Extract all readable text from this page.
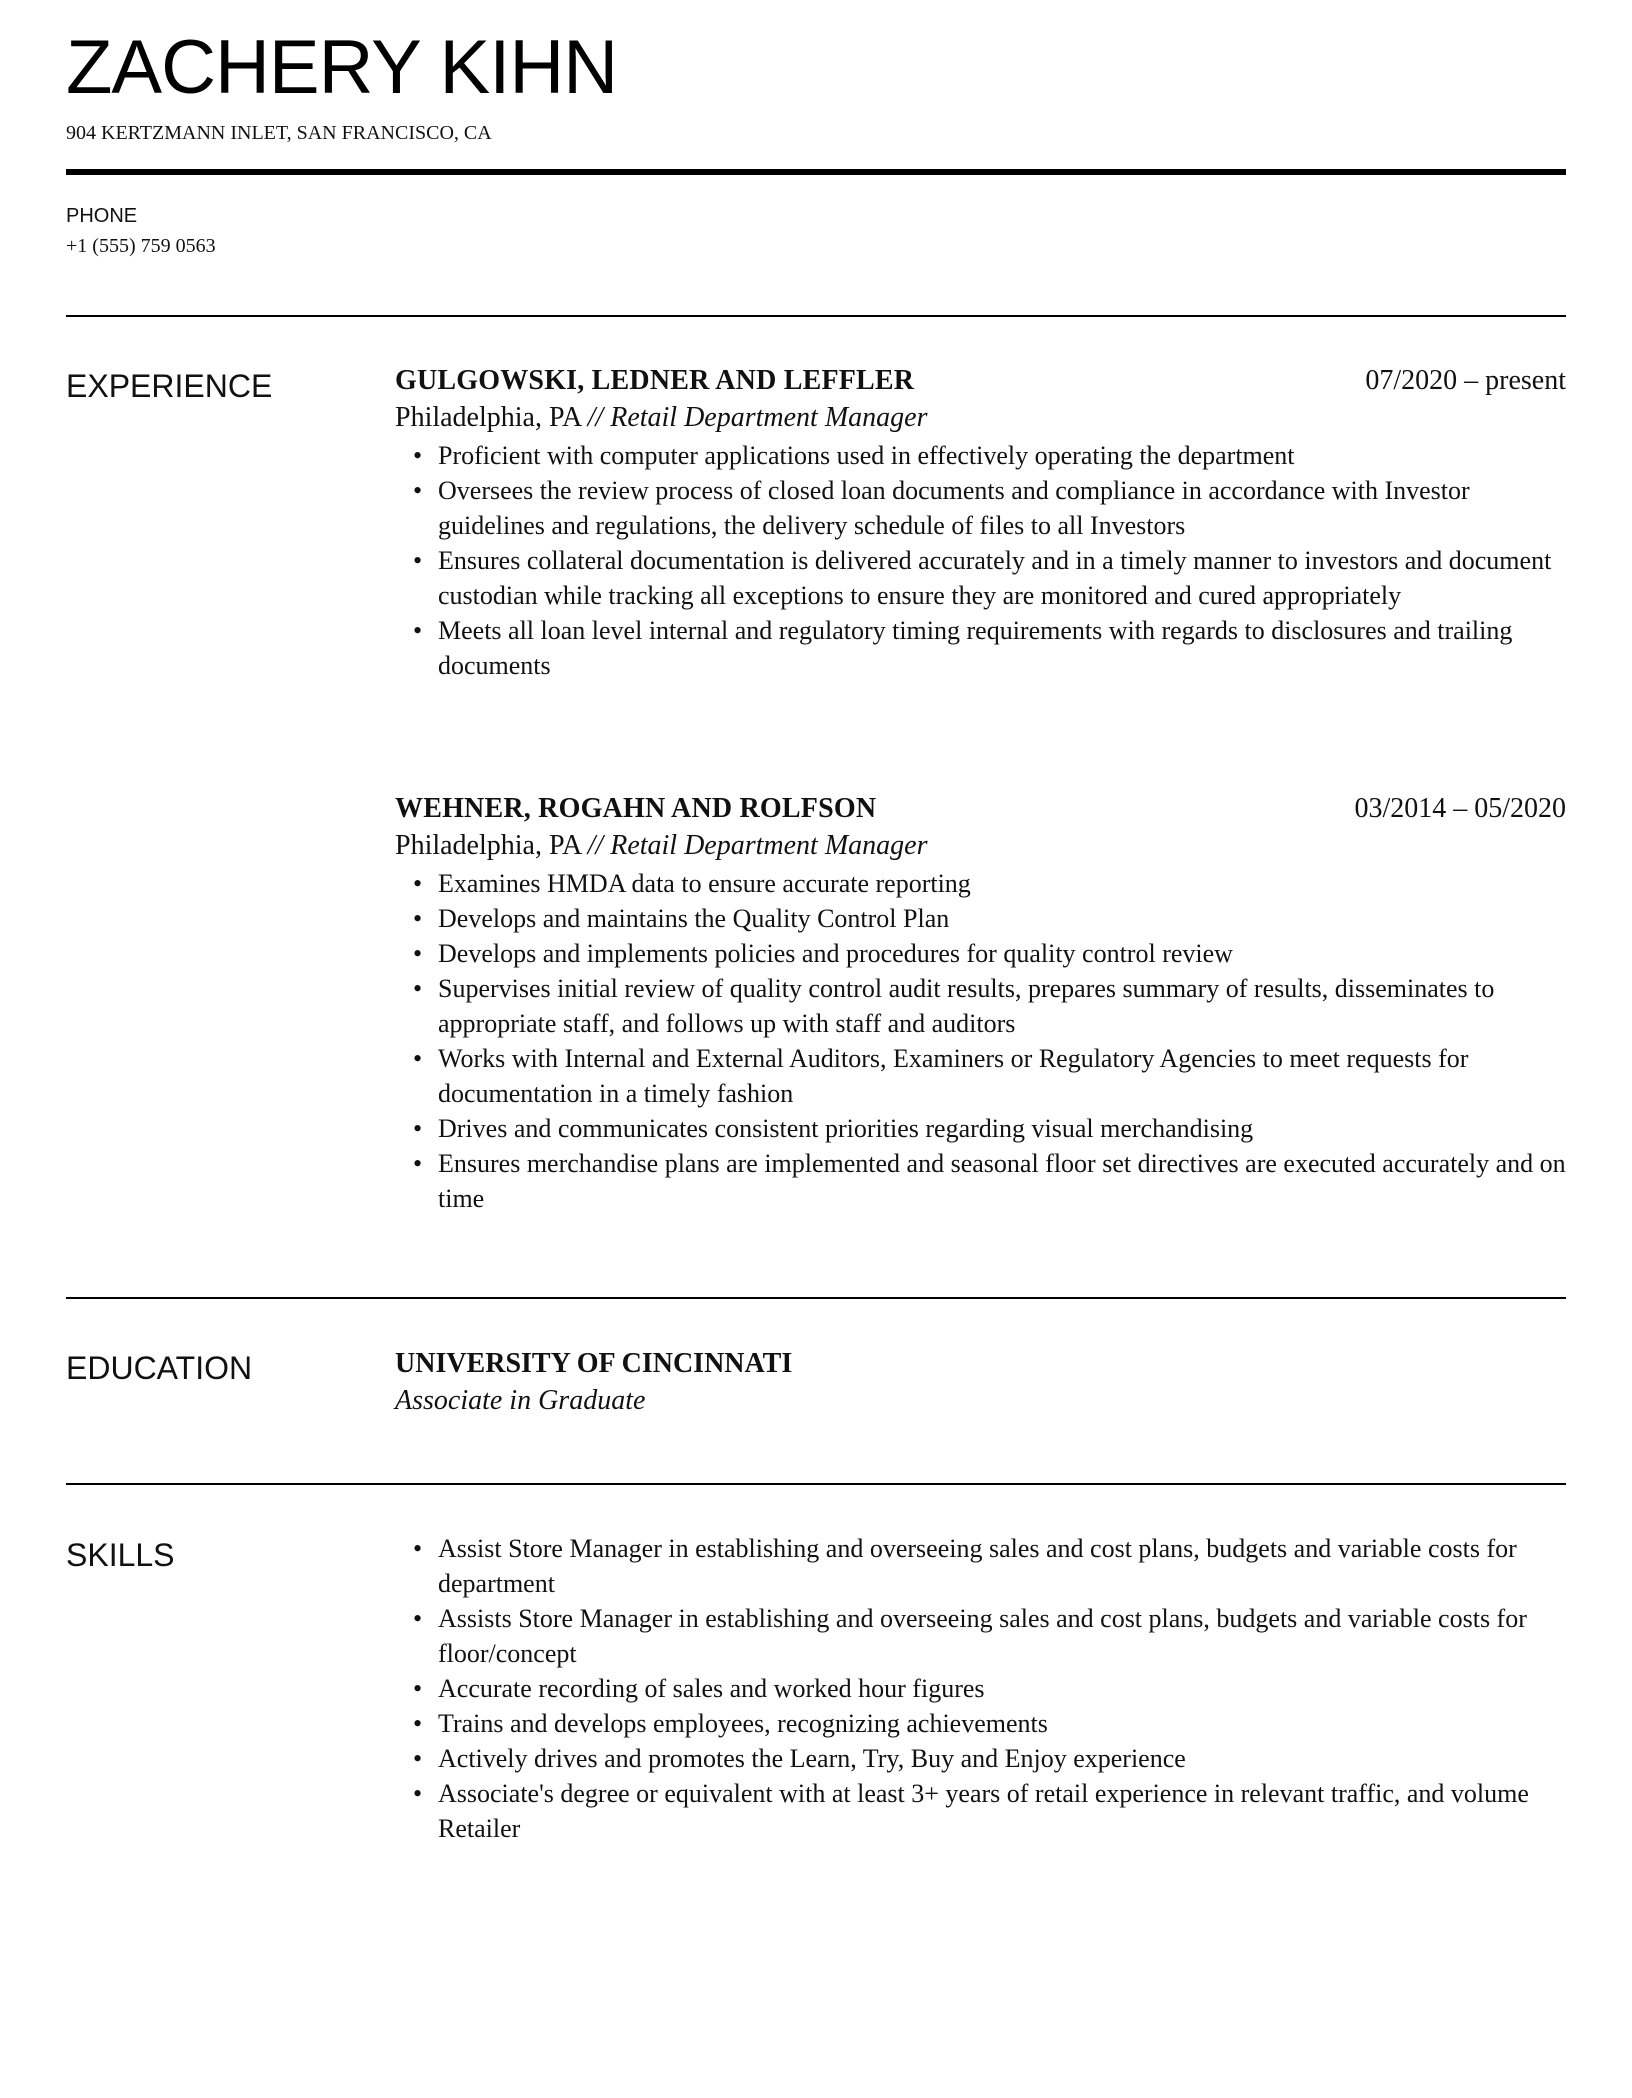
ZACHERY KIHN
904 KERTZMANN INLET, SAN FRANCISCO, CA
PHONE
+1 (555) 759 0563
EXPERIENCE	GULGOWSKI, LEDNER AND LEFFLER	07/2020 – present
Philadelphia, PA // Retail Department Manager
• Proficient with computer applications used in effectively operating the department
• Oversees the review process of closed loan documents and compliance in accordance with Investor guidelines and regulations, the delivery schedule of files to all Investors
• Ensures collateral documentation is delivered accurately and in a timely manner to investors and document custodian while tracking all exceptions to ensure they are monitored and cured appropriately
• Meets all loan level internal and regulatory timing requirements with regards to disclosures and trailing documents
WEHNER, ROGAHN AND ROLFSON	03/2014 – 05/2020
Philadelphia, PA // Retail Department Manager
• Examines HMDA data to ensure accurate reporting
• Develops and maintains the Quality Control Plan
• Develops and implements policies and procedures for quality control review
• Supervises initial review of quality control audit results, prepares summary of results, disseminates to appropriate staff, and follows up with staff and auditors
• Works with Internal and External Auditors, Examiners or Regulatory Agencies to meet requests for documentation in a timely fashion
• Drives and communicates consistent priorities regarding visual merchandising
• Ensures merchandise plans are implemented and seasonal floor set directives are executed accurately and on time
EDUCATION	UNIVERSITY OF CINCINNATI
Associate in Graduate
SKILLS	• Assist Store Manager in establishing and overseeing sales and cost plans, budgets and variable costs for department
• Assists Store Manager in establishing and overseeing sales and cost plans, budgets and variable costs for floor/concept
• Accurate recording of sales and worked hour figures
• Trains and develops employees, recognizing achievements
• Actively drives and promotes the Learn, Try, Buy and Enjoy experience
• Associate's degree or equivalent with at least 3+ years of retail experience in relevant traffic, and volume Retailer
